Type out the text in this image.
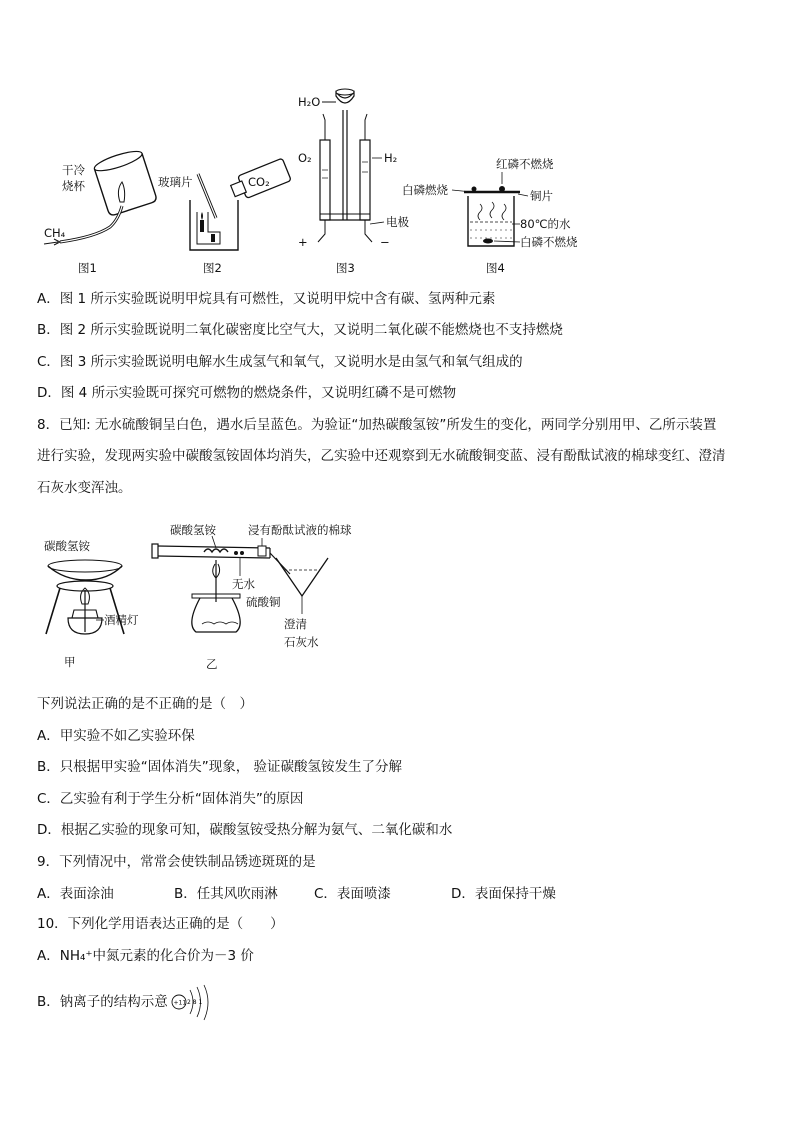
干冷
烧杯
CH₄
图1
玻璃片	CO₂
图2
H₂O
O₂	H₂
电极
+	−
图3
红磷不燃烧
白磷燃烧	铜片
80℃的水
白磷不燃烧
图4
A．图 1 所示实验既说明甲烷具有可燃性，又说明甲烷中含有碳、氢两种元素
B．图 2 所示实验既说明二氧化碳密度比空气大，又说明二氧化碳不能燃烧也不支持燃烧
C．图 3 所示实验既说明电解水生成氢气和氧气，又说明水是由氢气和氧气组成的
D．图 4 所示实验既可探究可燃物的燃烧条件，又说明红磷不是可燃物
8．已知: 无水硫酸铜呈白色，遇水后呈蓝色。为验证“加热碳酸氢铵”所发生的变化，两同学分别用甲、乙所示装置
进行实验，发现两实验中碳酸氢铵固体均消失，乙实验中还观察到无水硫酸铜变蓝、浸有酚酞试液的棉球变红、澄清
石灰水变浑浊。
碳酸氢铵
酒精灯
甲
碳酸氢铵	浸有酚酞试液的棉球
无水
硫酸铜
澄清
石灰水
乙
下列说法正确的是不正确的是（　）
A．甲实验不如乙实验环保
B．只根据甲实验“固体消失”现象， 验证碳酸氢铵发生了分解
C．乙实验有利于学生分析“固体消失”的原因
D．根据乙实验的现象可知，碳酸氢铵受热分解为氨气、二氧化碳和水
9．下列情况中，常常会使铁制品锈迹斑斑的是
A．表面涂油	B．任其风吹雨淋	C．表面喷漆	D．表面保持干燥
10．下列化学用语表达正确的是（　　）
A．NH₄⁺中氮元素的化合价为－3 价
B．钠离子的结构示意 +11 2 8 1
